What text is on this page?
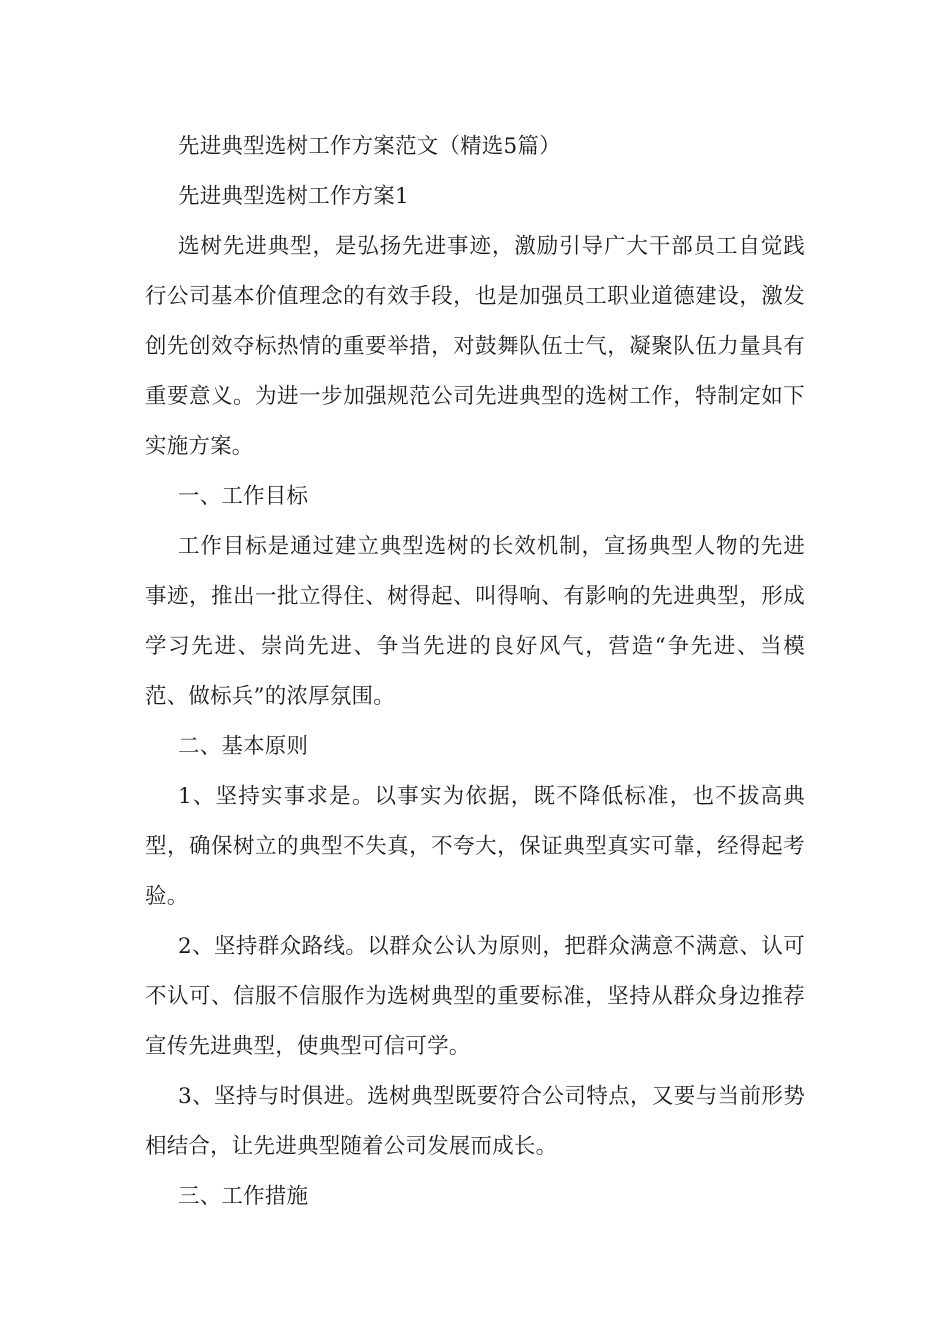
先进典型选树工作方案范文（精选5篇）

先进典型选树工作方案1

选树先进典型，是弘扬先进事迹，激励引导广大干部员工自觉践行公司基本价值理念的有效手段，也是加强员工职业道德建设，激发创先创效夺标热情的重要举措，对鼓舞队伍士气，凝聚队伍力量具有重要意义。为进一步加强规范公司先进典型的选树工作，特制定如下实施方案。

一、工作目标

工作目标是通过建立典型选树的长效机制，宣扬典型人物的先进事迹，推出一批立得住、树得起、叫得响、有影响的先进典型，形成学习先进、崇尚先进、争当先进的良好风气，营造“争先进、当模范、做标兵”的浓厚氛围。

二、基本原则

1、坚持实事求是。以事实为依据，既不降低标准，也不拔高典型，确保树立的典型不失真，不夸大，保证典型真实可靠，经得起考验。

2、坚持群众路线。以群众公认为原则，把群众满意不满意、认可不认可、信服不信服作为选树典型的重要标准，坚持从群众身边推荐宣传先进典型，使典型可信可学。

3、坚持与时俱进。选树典型既要符合公司特点，又要与当前形势相结合，让先进典型随着公司发展而成长。

三、工作措施
